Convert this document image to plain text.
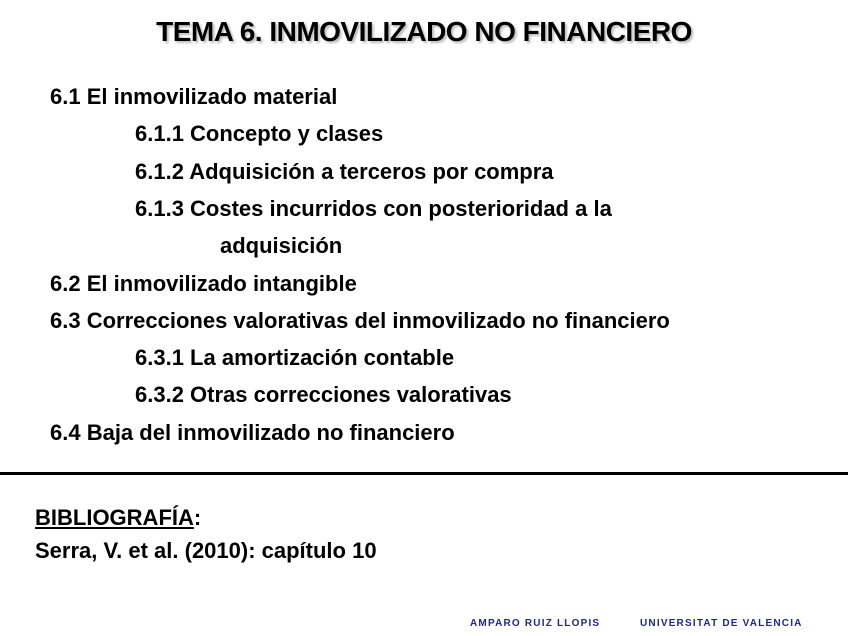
TEMA 6. INMOVILIZADO NO FINANCIERO
6.1 El inmovilizado material
6.1.1 Concepto y clases
6.1.2 Adquisición a terceros por compra
6.1.3 Costes incurridos con posterioridad a la
adquisición
6.2 El inmovilizado intangible
6.3 Correcciones valorativas del inmovilizado no financiero
6.3.1 La amortización contable
6.3.2 Otras correcciones valorativas
6.4 Baja del inmovilizado no financiero
BIBLIOGRAFÍA:
Serra, V. et al. (2010): capítulo 10
AMPARO RUIZ LLOPIS	UNIVERSITAT DE VALENCIA
